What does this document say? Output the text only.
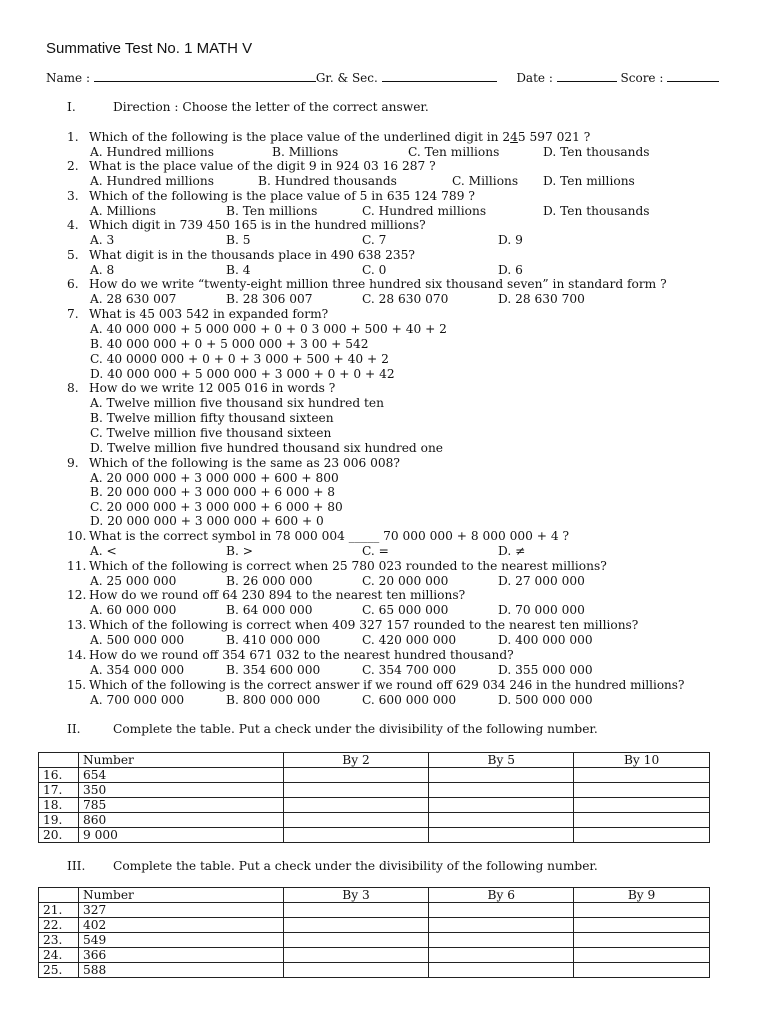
Summative Test No. 1 MATH V
Name :	Gr. & Sec.	Date :	Score :
I.	Direction : Choose the letter of the correct answer.
1. Which of the following is the place value of the underlined digit in 245 597 021 ?
A. Hundred millions	B. Millions	C. Ten millions	D. Ten thousands
2. What is the place value of the digit 9 in 924 03 16 287 ?
A. Hundred millions	B. Hundred thousands	C. Millions D. Ten millions
3. Which of the following is the place value of 5 in 635 124 789 ?
A. Millions	B. Ten millions	C. Hundred millions	D. Ten thousands
4. Which digit in 739 450 165 is in the hundred millions?
A. 3	B. 5	C. 7	D. 9
5. What digit is in the thousands place in 490 638 235?
A. 8	B. 4	C. 0	D. 6
6. How do we write “twenty-eight million three hundred six thousand seven” in standard form ?
A. 28 630 007	B. 28 306 007	C. 28 630 070	D. 28 630 700
7. What is 45 003 542 in expanded form?
A. 40 000 000 + 5 000 000 + 0 + 0 3 000 + 500 + 40 + 2
B. 40 000 000 + 0 + 5 000 000 + 3 00 + 542
C. 40 0000 000 + 0 + 0 + 3 000 + 500 + 40 + 2
D. 40 000 000 + 5 000 000 + 3 000 + 0 + 0 + 42
8. How do we write 12 005 016 in words ?
A. Twelve million five thousand six hundred ten
B. Twelve million fifty thousand sixteen
C. Twelve million five thousand sixteen
D. Twelve million five hundred thousand six hundred one
9. Which of the following is the same as 23 006 008?
A. 20 000 000 + 3 000 000 + 600 + 800
B. 20 000 000 + 3 000 000 + 6 000 + 8
C. 20 000 000 + 3 000 000 + 6 000 + 80
D. 20 000 000 + 3 000 000 + 600 + 0
10. What is the correct symbol in 78 000 004 _____ 70 000 000 + 8 000 000 + 4 ?
A. <	B. >	C. =	D. ≠
11. Which of the following is correct when 25 780 023 rounded to the nearest millions?
A. 25 000 000	B. 26 000 000	C. 20 000 000	D. 27 000 000
12. How do we round off 64 230 894 to the nearest ten millions?
A. 60 000 000	B. 64 000 000	C. 65 000 000	D. 70 000 000
13. Which of the following is correct when 409 327 157 rounded to the nearest ten millions?
A. 500 000 000	B. 410 000 000	C. 420 000 000	D. 400 000 000
14. How do we round off 354 671 032 to the nearest hundred thousand?
A. 354 000 000	B. 354 600 000	C. 354 700 000	D. 355 000 000
15. Which of the following is the correct answer if we round off 629 034 246 in the hundred millions?
A. 700 000 000	B. 800 000 000	C. 600 000 000	D. 500 000 000
II.	Complete the table. Put a check under the divisibility of the following number.
	Number	By 2	By 5	By 10
16.	654			
17.	350			
18.	785			
19.	860			
20.	9 000			
III. Complete the table. Put a check under the divisibility of the following number.
	Number	By 3	By 6	By 9
21.	327			
22.	402			
23.	549			
24.	366			
25.	588			
